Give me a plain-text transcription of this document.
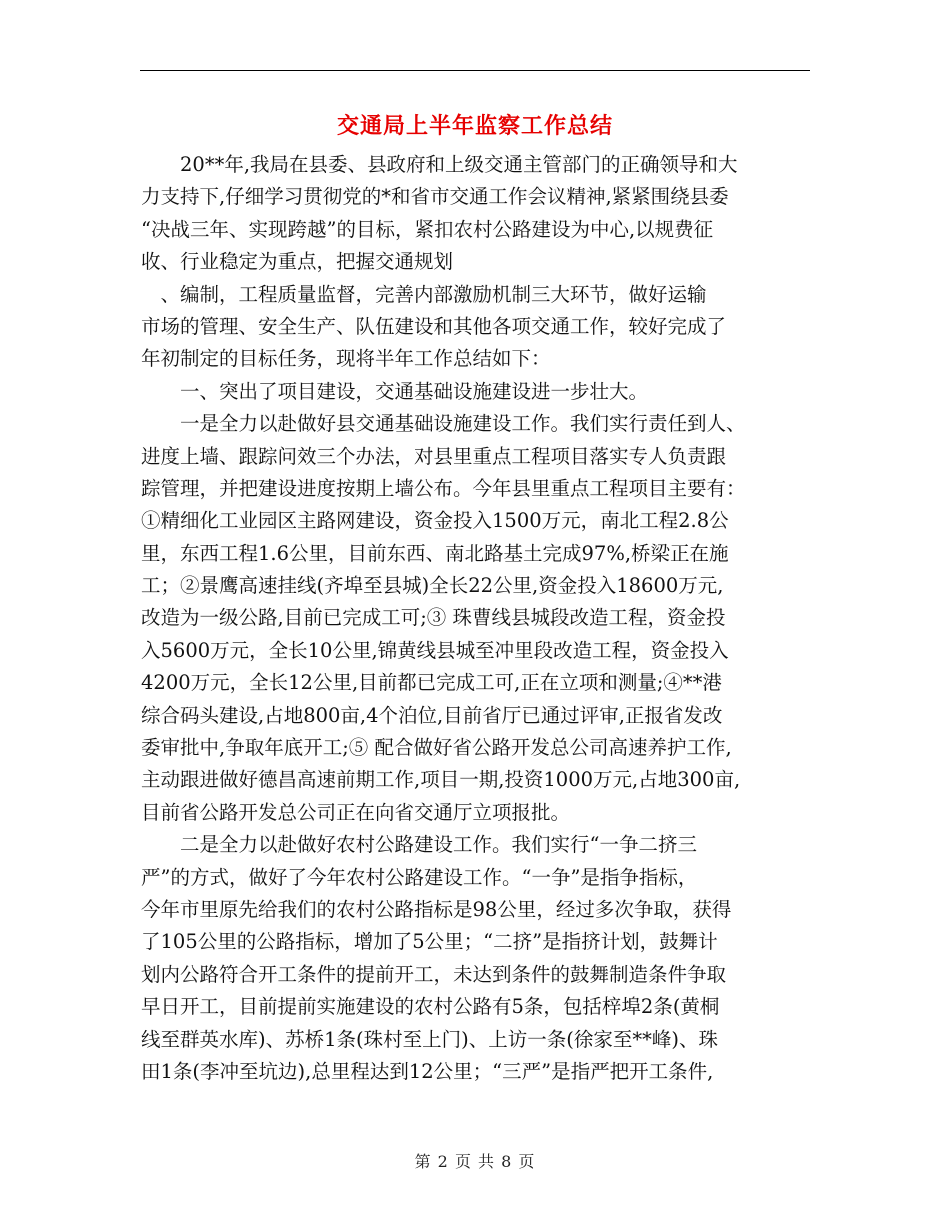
交通局上半年监察工作总结
　　20**年,我局在县委、县政府和上级交通主管部门的正确领导和大
力支持下,仔细学习贯彻党的*和省市交通工作会议精神,紧紧围绕县委
“决战三年、实现跨越”的目标，紧扣农村公路建设为中心,以规费征
收、行业稳定为重点，把握交通规划
　、编制，工程质量监督，完善内部激励机制三大环节，做好运输
市场的管理、安全生产、队伍建设和其他各项交通工作，较好完成了
年初制定的目标任务，现将半年工作总结如下：
　　一、突出了项目建设，交通基础设施建设进一步壮大。
　　一是全力以赴做好县交通基础设施建设工作。我们实行责任到人、
进度上墙、跟踪问效三个办法，对县里重点工程项目落实专人负责跟
踪管理，并把建设进度按期上墙公布。今年县里重点工程项目主要有：
①精细化工业园区主路网建设，资金投入1500万元，南北工程2.8公
里，东西工程1.6公里，目前东西、南北路基土完成97%,桥梁正在施
工；②景鹰高速挂线(齐埠至县城)全长22公里,资金投入18600万元,
改造为一级公路,目前已完成工可;③ 珠曹线县城段改造工程，资金投
入5600万元，全长10公里,锦黄线县城至冲里段改造工程，资金投入
4200万元，全长12公里,目前都已完成工可,正在立项和测量;④**港
综合码头建设,占地800亩,4个泊位,目前省厅已通过评审,正报省发改
委审批中,争取年底开工;⑤ 配合做好省公路开发总公司高速养护工作,
主动跟进做好德昌高速前期工作,项目一期,投资1000万元,占地300亩,
目前省公路开发总公司正在向省交通厅立项报批。
　　二是全力以赴做好农村公路建设工作。我们实行“一争二挤三
严”的方式，做好了今年农村公路建设工作。“一争”是指争指标，
今年市里原先给我们的农村公路指标是98公里，经过多次争取，获得
了105公里的公路指标，增加了5公里；“二挤”是指挤计划，鼓舞计
划内公路符合开工条件的提前开工，未达到条件的鼓舞制造条件争取
早日开工，目前提前实施建设的农村公路有5条，包括梓埠2条(黄桐
线至群英水库)、苏桥1条(珠村至上门)、上访一条(徐家至**峰)、珠
田1条(李冲至坑边),总里程达到12公里；“三严”是指严把开工条件,
第 2 页 共 8 页
